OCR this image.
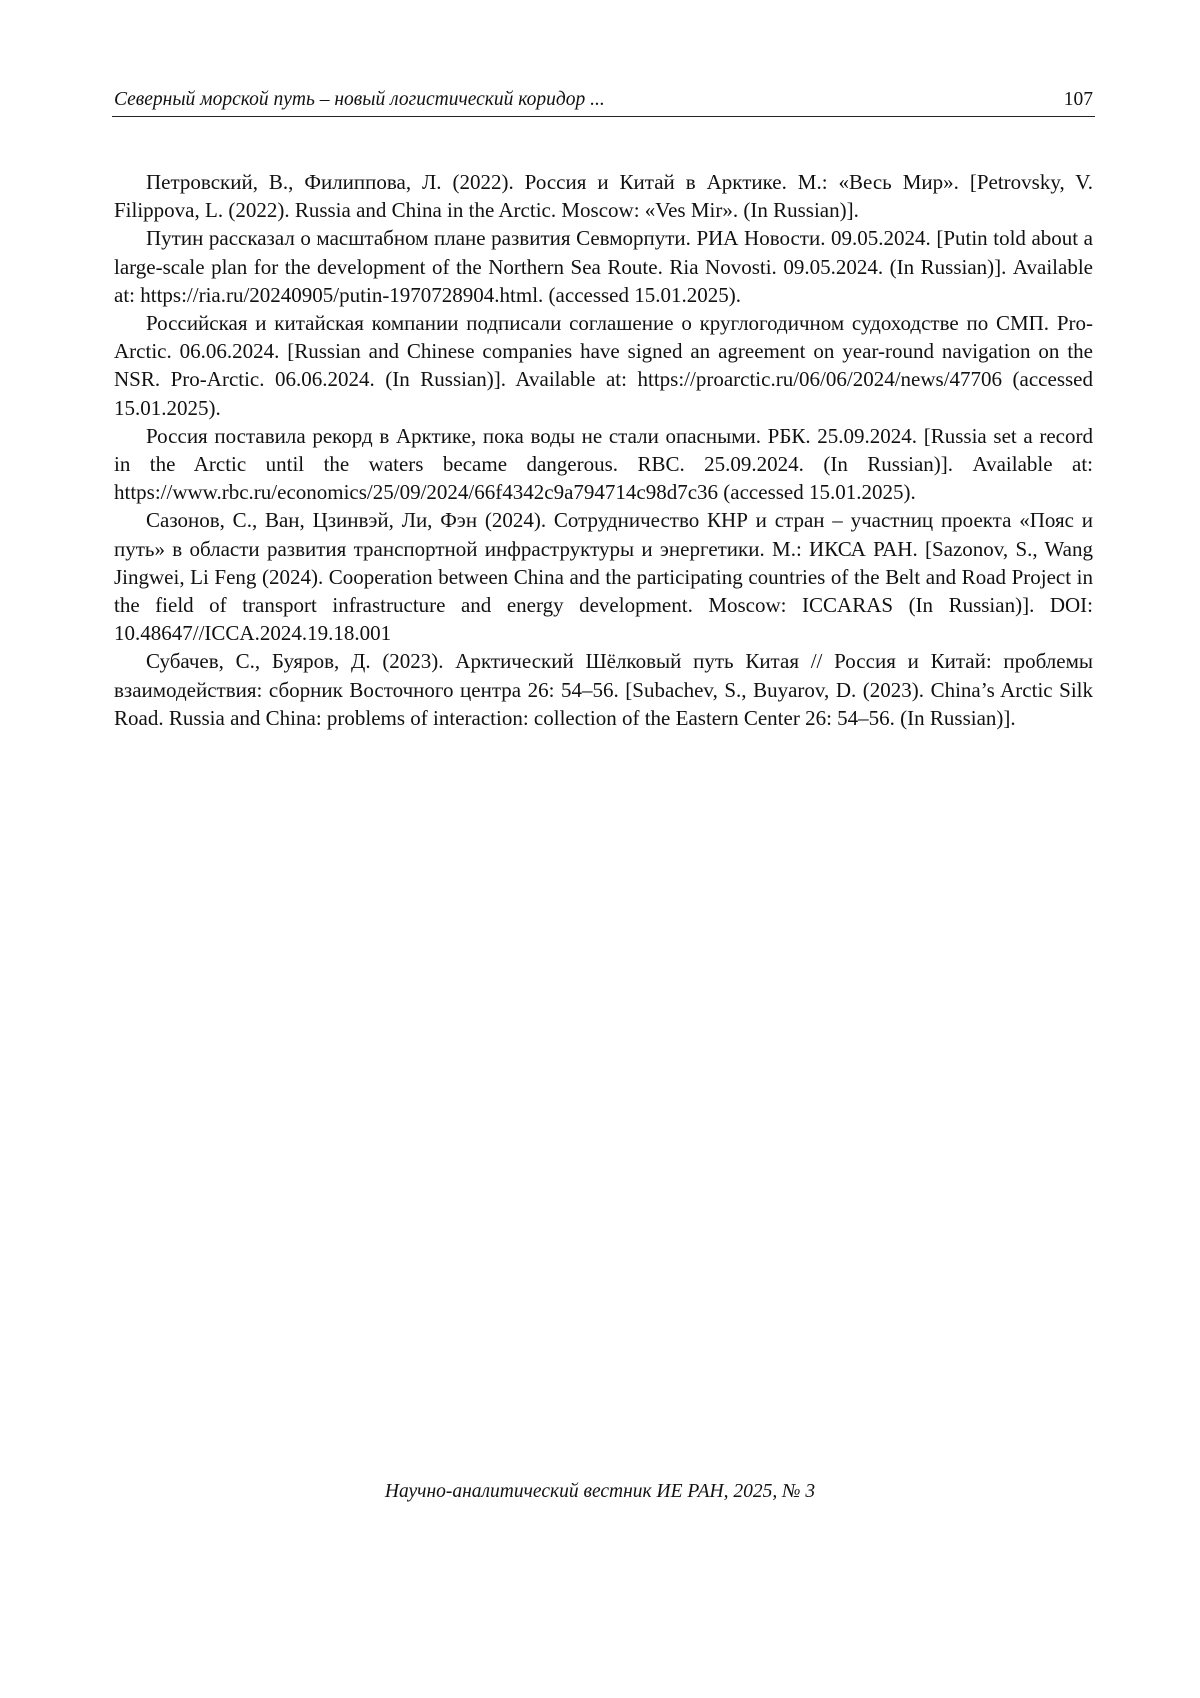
Северный морской путь – новый логистический коридор ...	107

Петровский, В., Филиппова, Л. (2022). Россия и Китай в Арктике. М.: «Весь Мир». [Petrovsky, V. Filippova, L. (2022). Russia and China in the Arctic. Moscow: «Ves Mir». (In Russian)].

Путин рассказал о масштабном плане развития Севморпути. РИА Новости. 09.05.2024. [Putin told about a large-scale plan for the development of the Northern Sea Route. Ria Novosti. 09.05.2024. (In Russian)]. Available at: https://ria.ru/20240905/putin-1970728904.html. (accessed 15.01.2025).

Российская и китайская компании подписали соглашение о круглогодичном судоходстве по СМП. Pro-Arctic. 06.06.2024. [Russian and Chinese companies have signed an agreement on year-round navigation on the NSR. Pro-Arctic. 06.06.2024. (In Russian)]. Available at: https://proarctic.ru/06/06/2024/news/47706 (accessed 15.01.2025).

Россия поставила рекорд в Арктике, пока воды не стали опасными. РБК. 25.09.2024. [Russia set a record in the Arctic until the waters became dangerous. RBC. 25.09.2024. (In Russian)]. Available at: https://www.rbc.ru/economics/25/09/2024/66f4342c9a794714c98d7c36 (accessed 15.01.2025).

Сазонов, С., Ван, Цзинвэй, Ли, Фэн (2024). Сотрудничество КНР и стран – участниц проекта «Пояс и путь» в области развития транспортной инфраструктуры и энергетики. М.: ИКСА РАН. [Sazonov, S., Wang Jingwei, Li Feng (2024). Cooperation between China and the participating countries of the Belt and Road Project in the field of transport infrastructure and energy development. Moscow: ICCARAS (In Russian)]. DOI: 10.48647//ICCA.2024.19.18.001

Субачев, С., Буяров, Д. (2023). Арктический Шёлковый путь Китая // Россия и Китай: проблемы взаимодействия: сборник Восточного центра 26: 54–56. [Subachev, S., Buyarov, D. (2023). China’s Arctic Silk Road. Russia and China: problems of interaction: collection of the Eastern Center 26: 54–56. (In Russian)].

Научно-аналитический вестник ИЕ РАН, 2025, № 3
